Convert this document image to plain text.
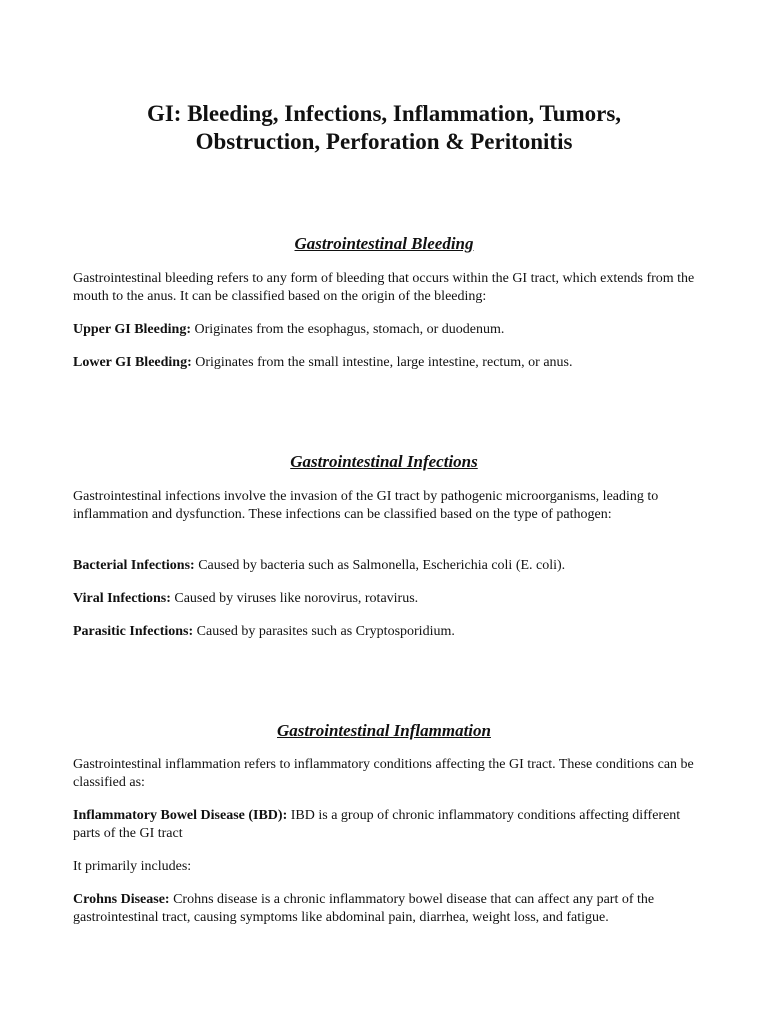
GI: Bleeding, Infections, Inflammation, Tumors,
Obstruction, Perforation & Peritonitis
Gastrointestinal Bleeding

Gastrointestinal bleeding refers to any form of bleeding that occurs within the GI tract, which extends from the mouth to the anus. It can be classified based on the origin of the bleeding:

Upper GI Bleeding: Originates from the esophagus, stomach, or duodenum.

Lower GI Bleeding: Originates from the small intestine, large intestine, rectum, or anus.

Gastrointestinal Infections

Gastrointestinal infections involve the invasion of the GI tract by pathogenic microorganisms, leading to inflammation and dysfunction. These infections can be classified based on the type of pathogen:

Bacterial Infections: Caused by bacteria such as Salmonella, Escherichia coli (E. coli).

Viral Infections: Caused by viruses like norovirus, rotavirus.

Parasitic Infections: Caused by parasites such as Cryptosporidium.

Gastrointestinal Inflammation

Gastrointestinal inflammation refers to inflammatory conditions affecting the GI tract. These conditions can be classified as:

Inflammatory Bowel Disease (IBD): IBD is a group of chronic inflammatory conditions affecting different parts of the GI tract

It primarily includes:

Crohns Disease: Crohns disease is a chronic inflammatory bowel disease that can affect any part of the gastrointestinal tract, causing symptoms like abdominal pain, diarrhea, weight loss, and fatigue.
